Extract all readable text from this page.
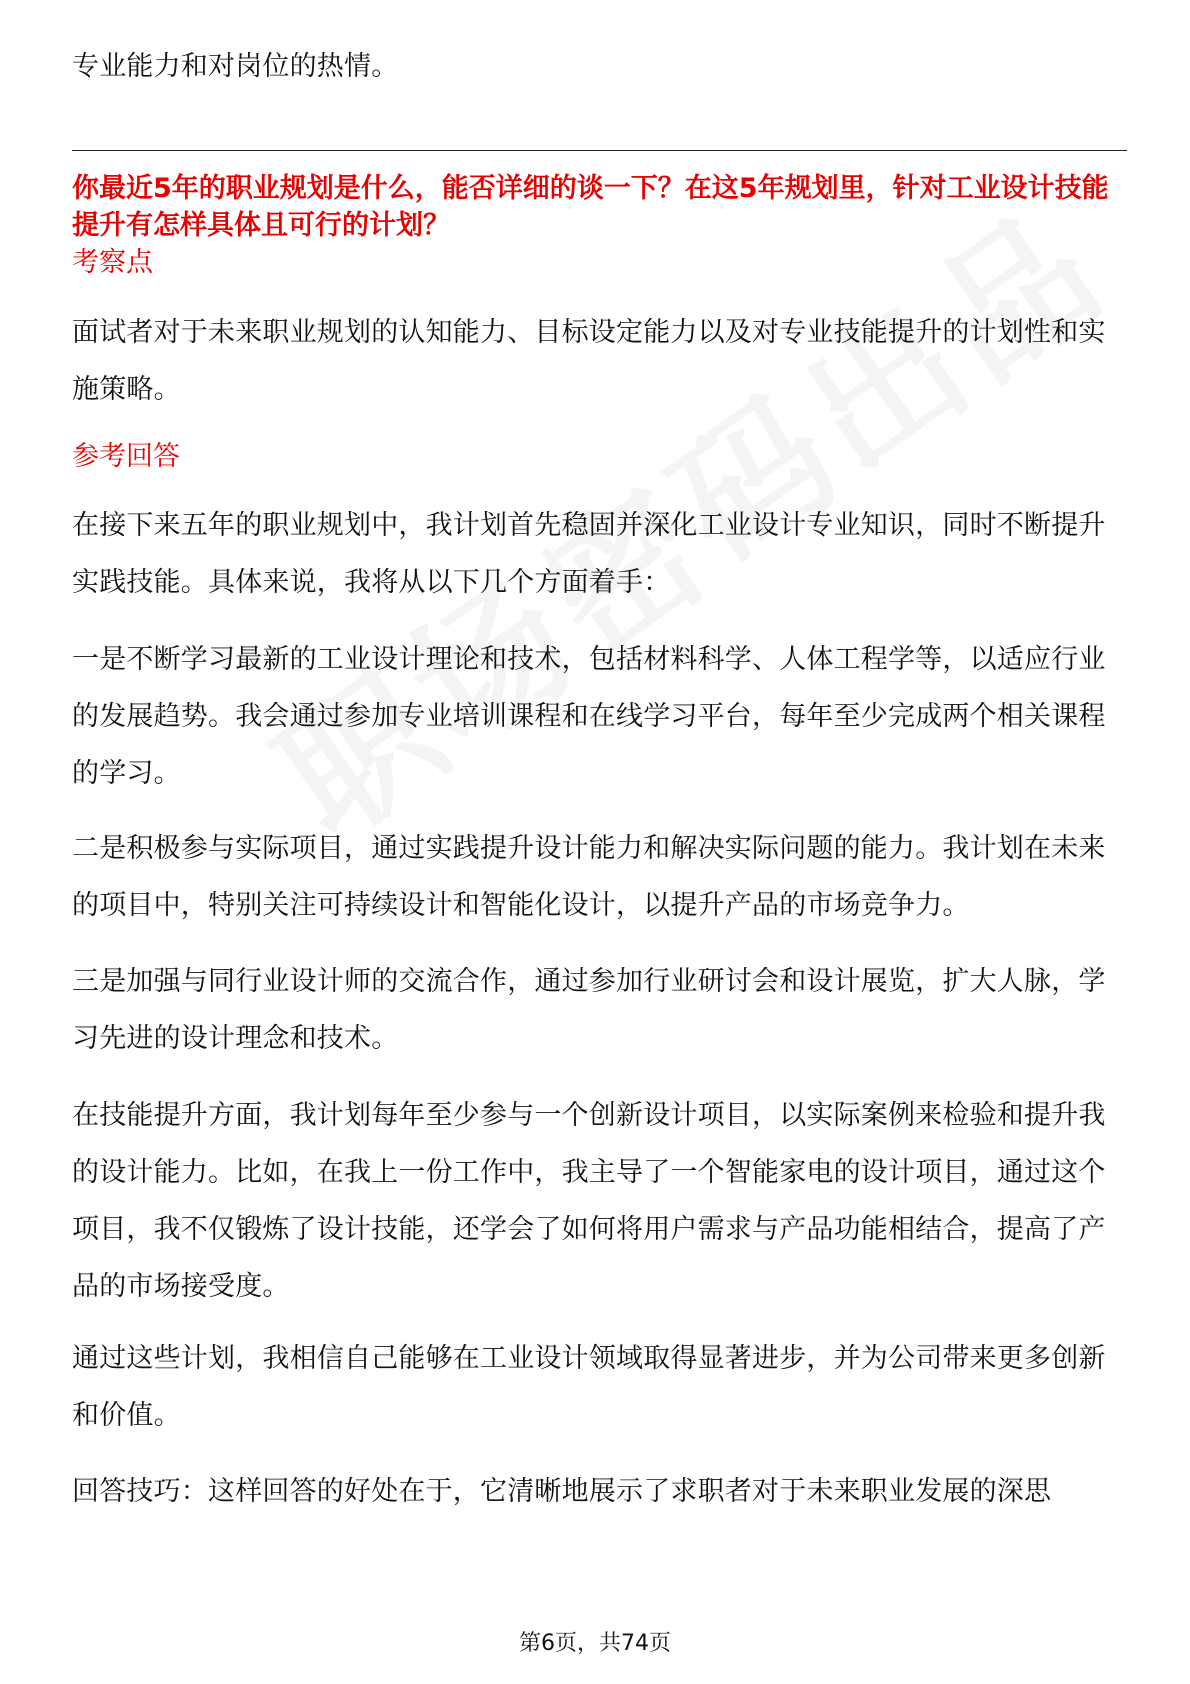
专业能力和对岗位的热情。

你最近5年的职业规划是什么，能否详细的谈一下？在这5年规划里，针对工业设计技能提升有怎样具体且可行的计划？

考察点

面试者对于未来职业规划的认知能力、目标设定能力以及对专业技能提升的计划性和实施策略。

参考回答

在接下来五年的职业规划中，我计划首先稳固并深化工业设计专业知识，同时不断提升实践技能。具体来说，我将从以下几个方面着手：

一是不断学习最新的工业设计理论和技术，包括材料科学、人体工程学等，以适应行业的发展趋势。我会通过参加专业培训课程和在线学习平台，每年至少完成两个相关课程的学习。

二是积极参与实际项目，通过实践提升设计能力和解决实际问题的能力。我计划在未来的项目中，特别关注可持续设计和智能化设计，以提升产品的市场竞争力。

三是加强与同行业设计师的交流合作，通过参加行业研讨会和设计展览，扩大人脉，学习先进的设计理念和技术。

在技能提升方面，我计划每年至少参与一个创新设计项目，以实际案例来检验和提升我的设计能力。比如，在我上一份工作中，我主导了一个智能家电的设计项目，通过这个项目，我不仅锻炼了设计技能，还学会了如何将用户需求与产品功能相结合，提高了产品的市场接受度。

通过这些计划，我相信自己能够在工业设计领域取得显著进步，并为公司带来更多创新和价值。

回答技巧：这样回答的好处在于，它清晰地展示了求职者对于未来职业发展的深思

第6页，共74页
